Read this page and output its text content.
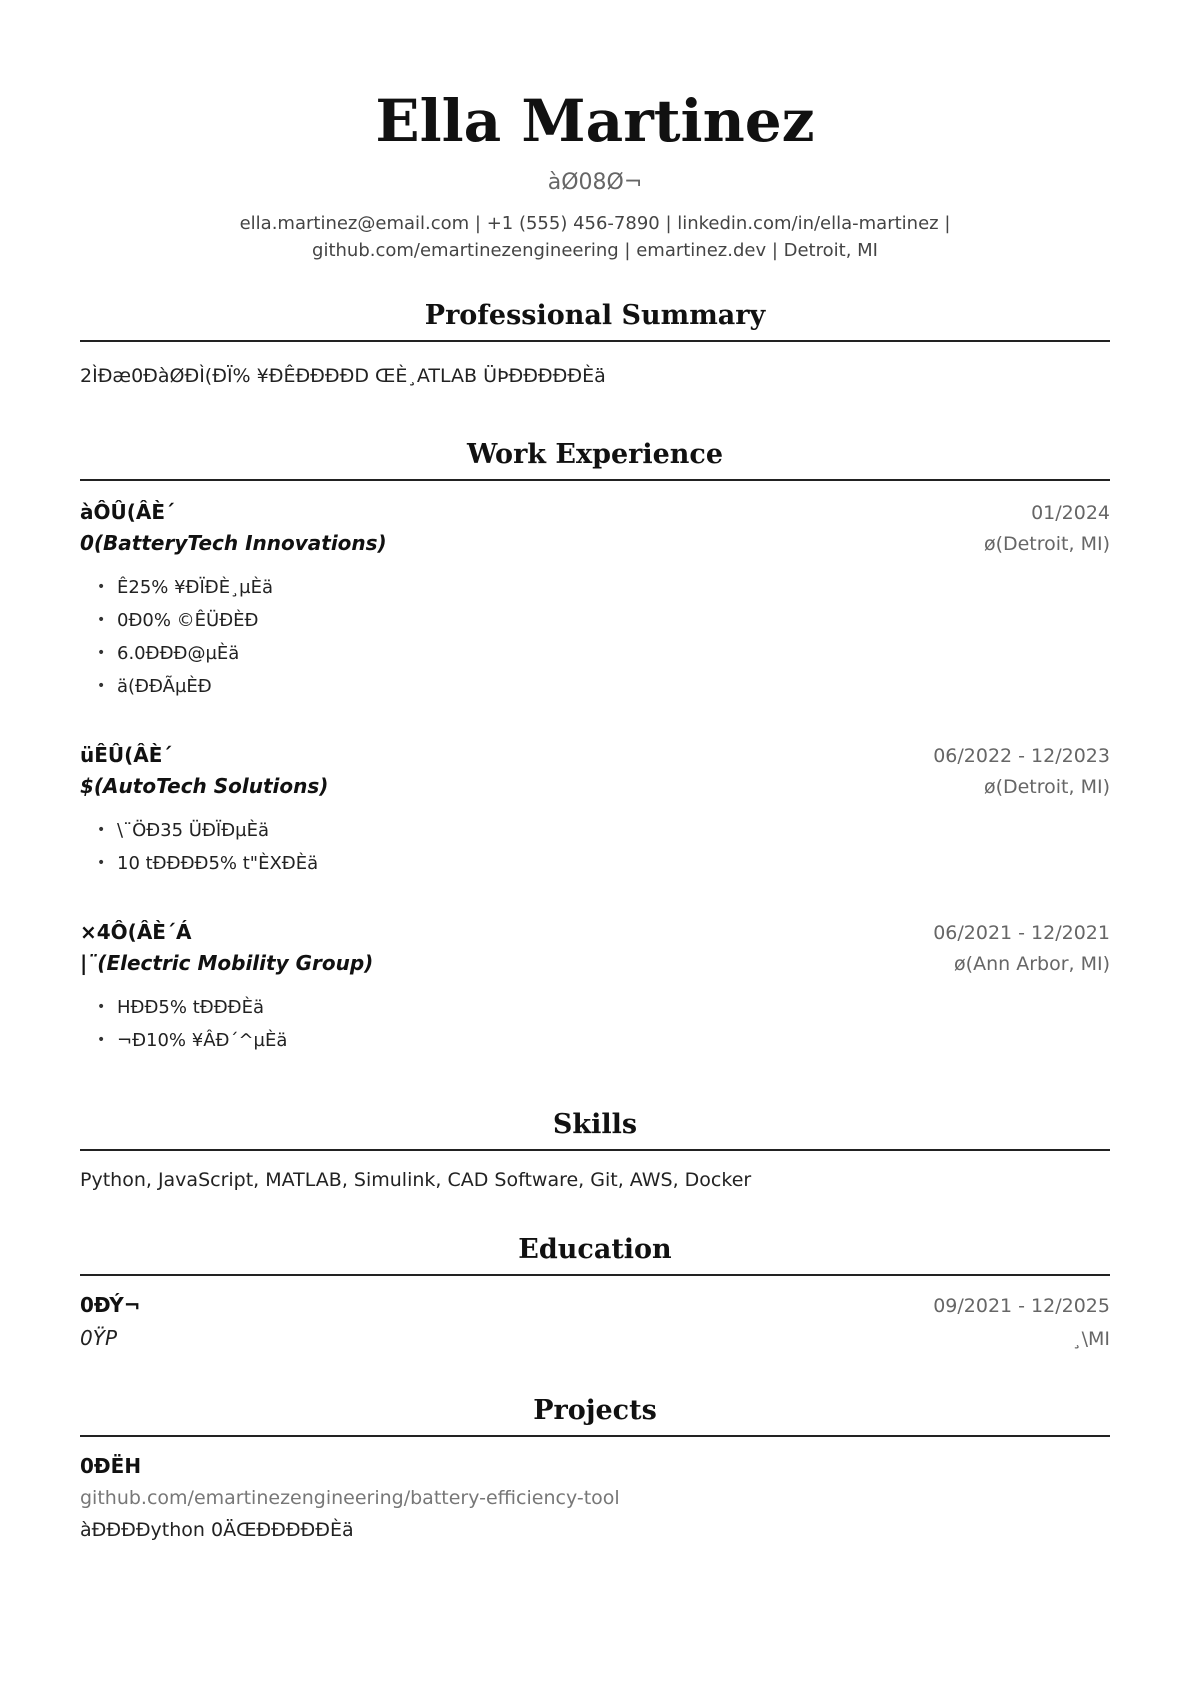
Ella Martinez
àØ08Ø¬
ella.martinez@email.com | +1 (555) 456-7890 | linkedin.com/in/ella-martinez |
github.com/emartinezengineering | emartinez.dev | Detroit, MI
Professional Summary
2ÌÐæ0ÐàØÐÌ(ÐÏ% ¥ÐÊÐÐÐÐD ŒÈ¸ATLAB ÜÞÐÐÐÐÐÈä
Work Experience
àÔÛ(ÂÈ´	01/2024
0(BatteryTech Innovations)	ø(Detroit, MI)
• Ê25% ¥ÐÏÐÈ¸µÈä
• 0Ð0% ©ÊÜÐÈÐ
• 6.0ÐÐÐ@µÈä
• ä(ÐÐÃµÈÐ
üÊÛ(ÂÈ´	06/2022 - 12/2023
$(AutoTech Solutions)	ø(Detroit, MI)
• \¨ÖÐ35 ÜÐÏÐµÈä
• 10 tÐÐÐÐ5% t"ÈXÐÈä
×4Ô(ÂÈ´Á	06/2021 - 12/2021
|¨(Electric Mobility Group)	ø(Ann Arbor, MI)
• HÐÐ5% tÐÐÐÈä
• ¬Ð10% ¥ÂÐ´^µÈä
Skills
Python, JavaScript, MATLAB, Simulink, CAD Software, Git, AWS, Docker
Education
0ÐÝ¬	09/2021 - 12/2025
0ŸP	¸\MI
Projects
0ÐËH
github.com/emartinezengineering/battery-efficiency-tool
àÐÐÐÐython 0ÄŒÐÐÐÐÐÈä
